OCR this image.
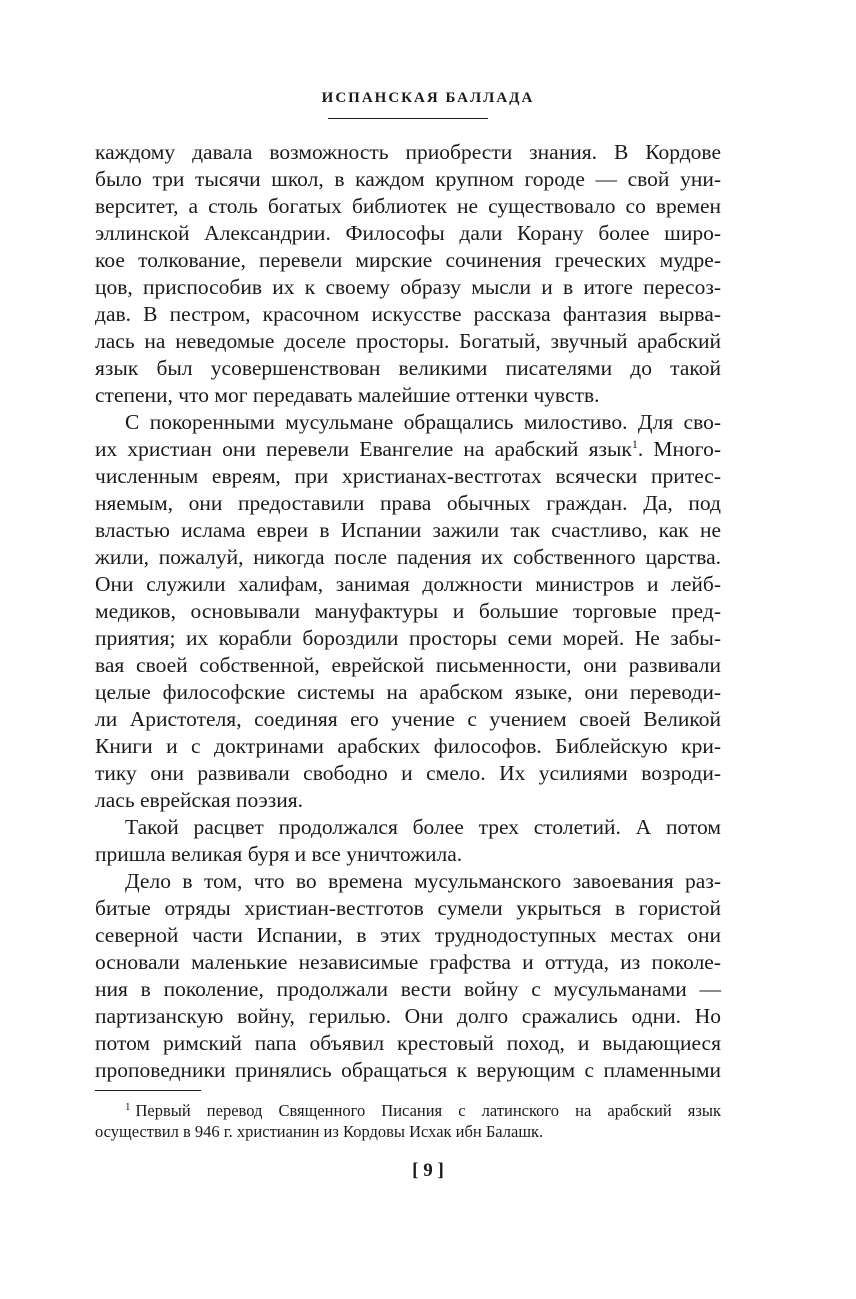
ИСПАНСКАЯ БАЛЛАДА
каждому давала возможность приобрести знания. В Кордове
было три тысячи школ, в каждом крупном городе — свой уни-
верситет, а столь богатых библиотек не существовало со времен
эллинской Александрии. Философы дали Корану более широ-
кое толкование, перевели мирские сочинения греческих мудре-
цов, приспособив их к своему образу мысли и в итоге пересоз-
дав. В пестром, красочном искусстве рассказа фантазия вырва-
лась на неведомые доселе просторы. Богатый, звучный арабский
язык был усовершенствован великими писателями до такой
степени, что мог передавать малейшие оттенки чувств.
С покоренными мусульмане обращались милостиво. Для сво-
их христиан они перевели Евангелие на арабский язык$^1$. Много-
численным евреям, при христианах-вестготах всячески притес-
няемым, они предоставили права обычных граждан. Да, под
властью ислама евреи в Испании зажили так счастливо, как не
жили, пожалуй, никогда после падения их собственного царства.
Они служили халифам, занимая должности министров и лейб-
медиков, основывали мануфактуры и большие торговые пред-
приятия; их корабли бороздили просторы семи морей. Не забы-
вая своей собственной, еврейской письменности, они развивали
целые философские системы на арабском языке, они переводи-
ли Аристотеля, соединяя его учение с учением своей Великой
Книги и с доктринами арабских философов. Библейскую кри-
тику они развивали свободно и смело. Их усилиями возроди-
лась еврейская поэзия.
Такой расцвет продолжался более трех столетий. А потом
пришла великая буря и все уничтожила.
Дело в том, что во времена мусульманского завоевания раз-
битые отряды христиан-вестготов сумели укрыться в гористой
северной части Испании, в этих труднодоступных местах они
основали маленькие независимые графства и оттуда, из поколе-
ния в поколение, продолжали вести войну с мусульманами —
партизанскую войну, герилью. Они долго сражались одни. Но
потом римский папа объявил крестовый поход, и выдающиеся
проповедники принялись обращаться к верующим с пламенными
$^1$ Первый перевод Священного Писания с латинского на арабский язык
осуществил в 946 г. христианин из Кордовы Исхак ибн Балашк.
[ 9 ]
